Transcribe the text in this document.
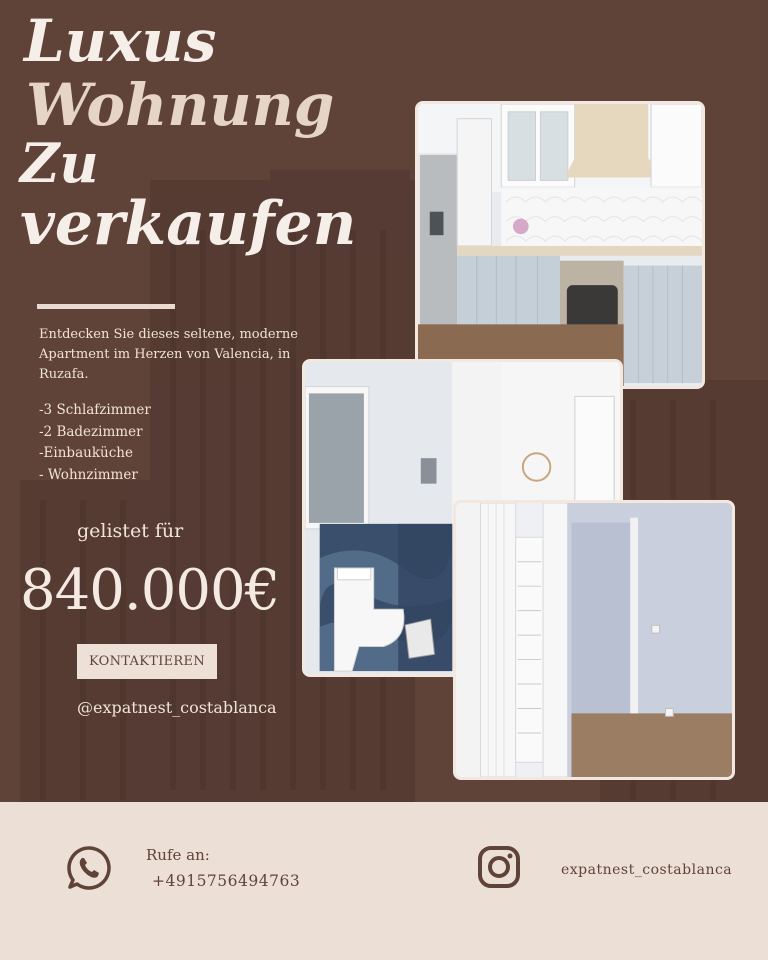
Luxus
Wohnung
Zu
verkaufen

Entdecken Sie dieses seltene, moderne Apartment im Herzen von Valencia, in Ruzafa.

-3 Schlafzimmer
-2 Badezimmer
-Einbauküche
- Wohnzimmer
gelistet für
840.000€
KONTAKTIEREN
@expatnest_costablanca
Rufe an:
+4915756494763
expatnest_costablanca
